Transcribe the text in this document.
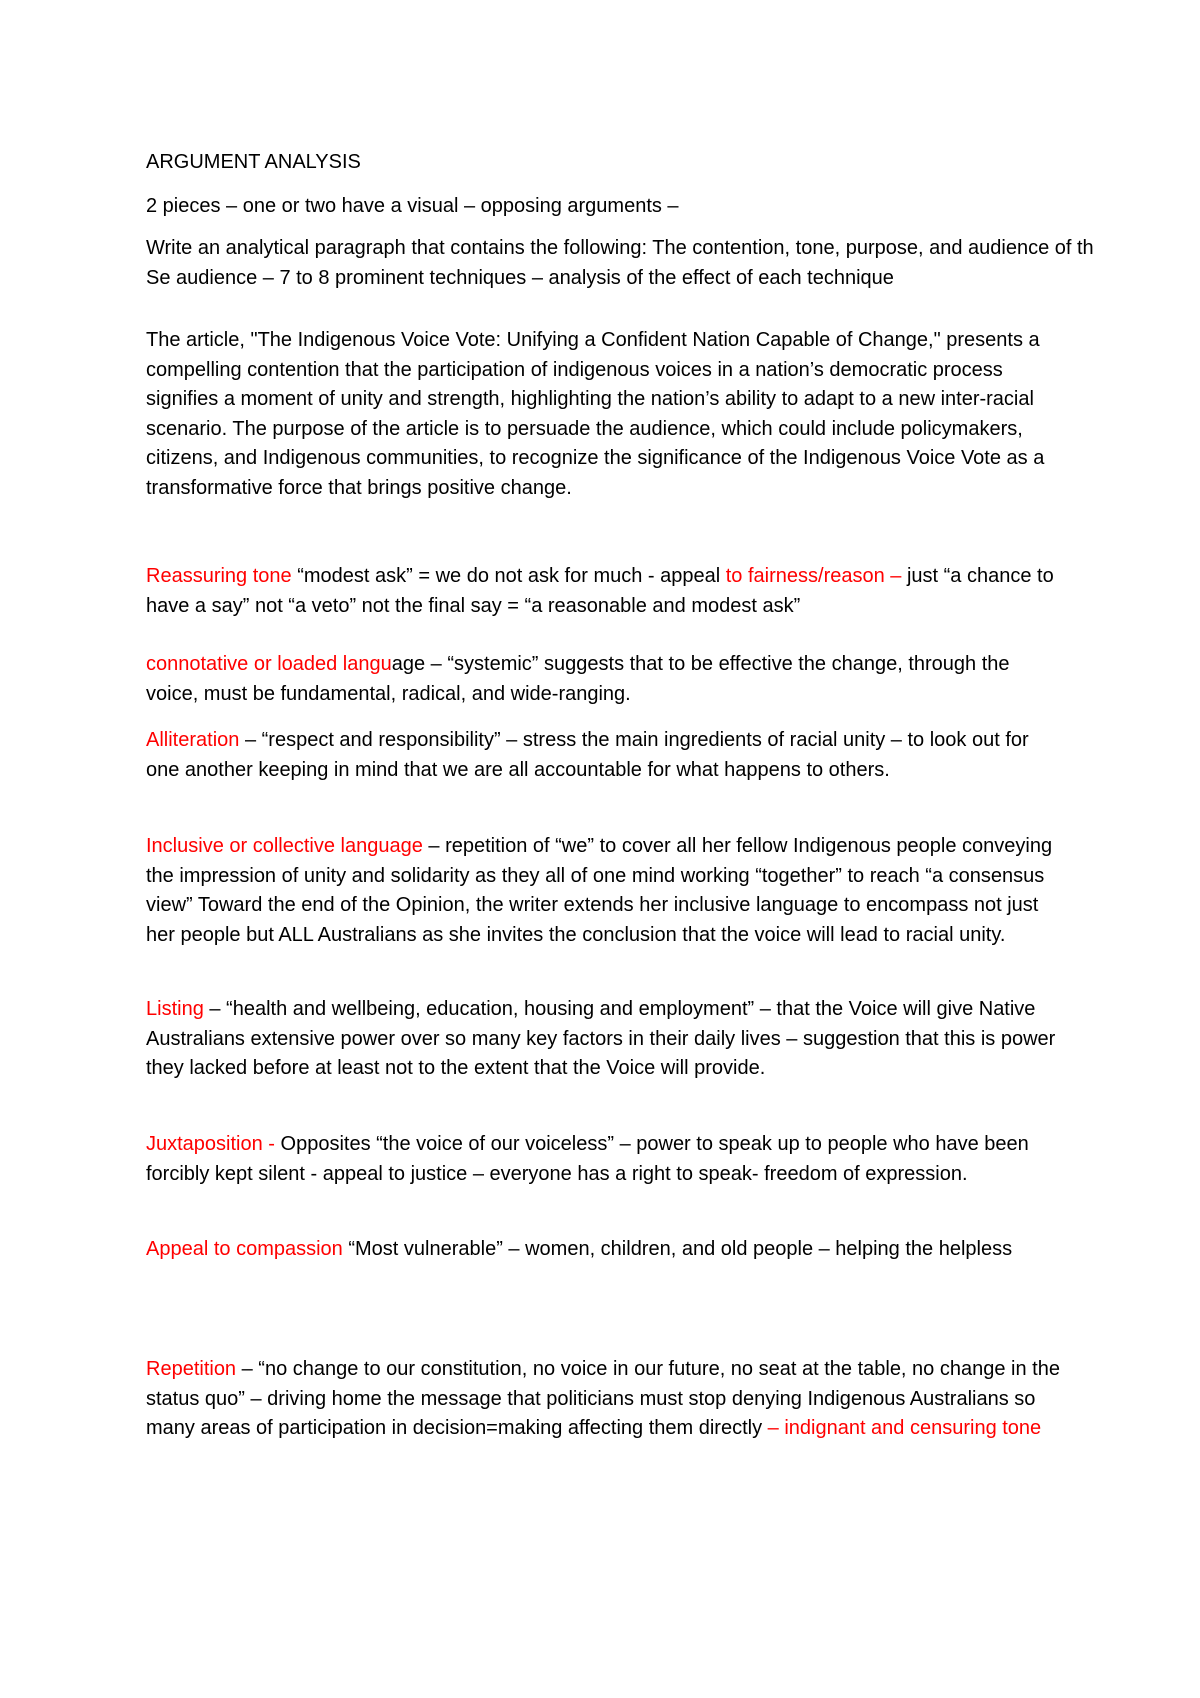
ARGUMENT ANALYSIS
2 pieces – one or two have a visual – opposing arguments –
Write an analytical paragraph that contains the following: The contention, tone, purpose, and audience of th
Se audience – 7 to 8 prominent techniques – analysis of the effect of each technique
The article, "The Indigenous Voice Vote: Unifying a Confident Nation Capable of Change," presents a compelling contention that the participation of indigenous voices in a nation’s democratic process signifies a moment of unity and strength, highlighting the nation’s ability to adapt to a new inter-racial scenario. The purpose of the article is to persuade the audience, which could include policymakers, citizens, and Indigenous communities, to recognize the significance of the Indigenous Voice Vote as a transformative force that brings positive change.
Reassuring tone “modest ask” = we do not ask for much - appeal to fairness/reason – just “a chance to have a say” not “a veto” not the final say = “a reasonable and modest ask”
connotative or loaded language – “systemic” suggests that to be effective the change, through the voice, must be fundamental, radical, and wide-ranging.
Alliteration – “respect and responsibility” – stress the main ingredients of racial unity – to look out for one another keeping in mind that we are all accountable for what happens to others.
Inclusive or collective language – repetition of “we” to cover all her fellow Indigenous people conveying the impression of unity and solidarity as they all of one mind working “together” to reach “a consensus view” Toward the end of the Opinion, the writer extends her inclusive language to encompass not just her people but ALL Australians as she invites the conclusion that the voice will lead to racial unity.
Listing – “health and wellbeing, education, housing and employment” – that the Voice will give Native Australians extensive power over so many key factors in their daily lives – suggestion that this is power they lacked before at least not to the extent that the Voice will provide.
Juxtaposition - Opposites “the voice of our voiceless” – power to speak up to people who have been forcibly kept silent - appeal to justice – everyone has a right to speak- freedom of expression.
Appeal to compassion “Most vulnerable” – women, children, and old people – helping the helpless
Repetition – “no change to our constitution, no voice in our future, no seat at the table, no change in the status quo” – driving home the message that politicians must stop denying Indigenous Australians so many areas of participation in decision=making affecting them directly – indignant and censuring tone
